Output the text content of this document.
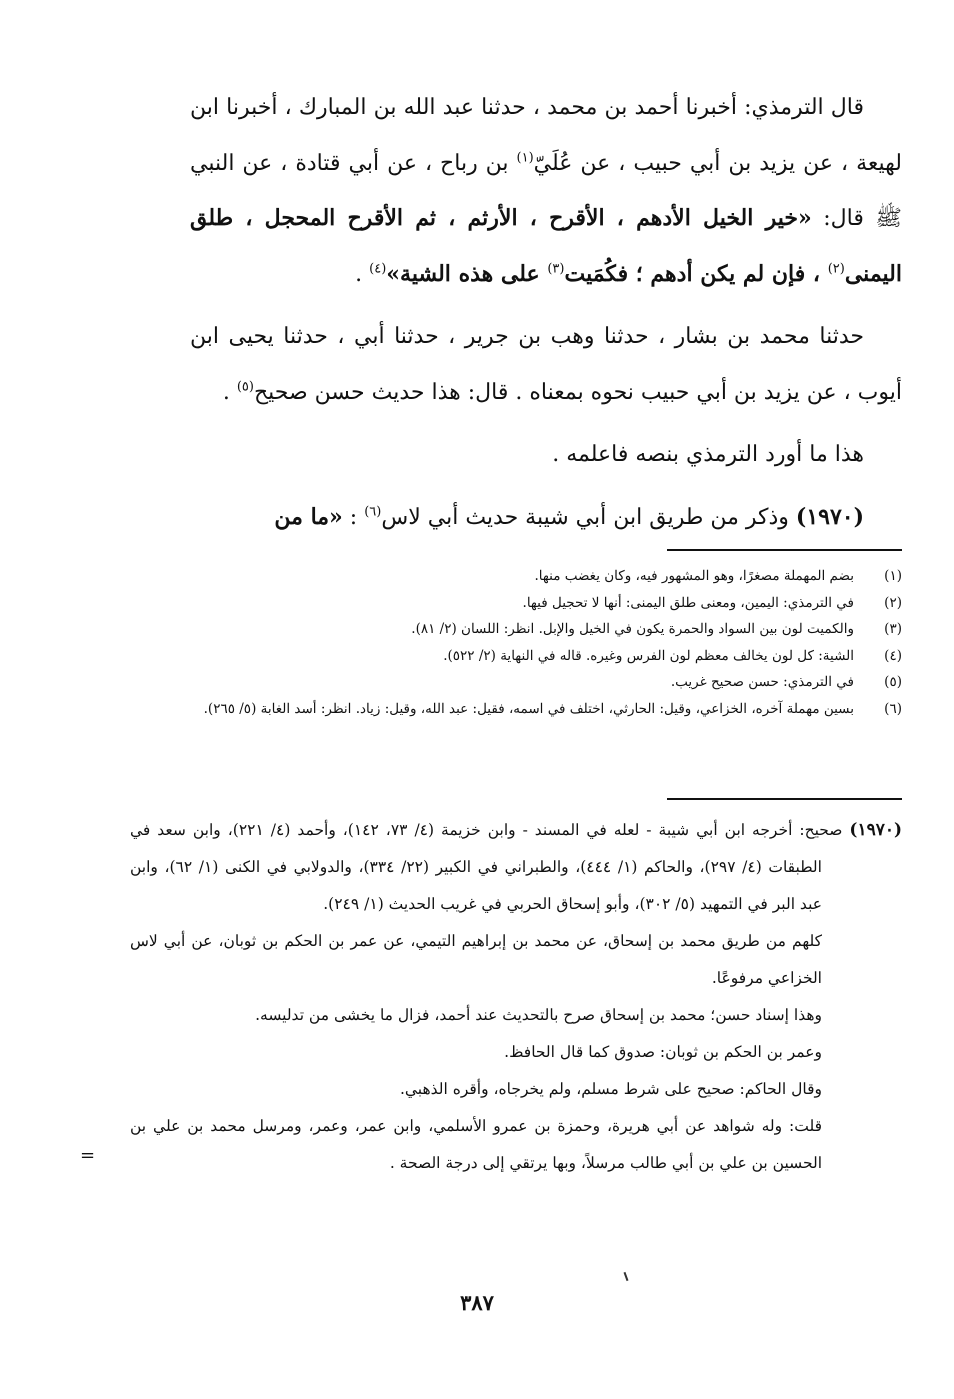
قال الترمذي: أخبرنا أحمد بن محمد ، حدثنا عبد الله بن المبارك ، أخبرنا ابن لهيعة ، عن يزيد بن أبي حبيب ، عن عُلَيّ$^{(١)}$ بن رباح ، عن أبي قتادة ، عن النبي ﷺ قال: «خير الخيل الأدهم ، الأقرح ، الأرثم ، ثم الأقرح المحجل ، طلق اليمنى$^{(٢)}$ ، فإن لم يكن أدهم ؛ فكُمَيت$^{(٣)}$ على هذه الشية»$^{(٤)}$ .

حدثنا محمد بن بشار ، حدثنا وهب بن جرير ، حدثنا أبي ، حدثنا يحيى ابن أيوب ، عن يزيد بن أبي حبيب نحوه بمعناه . قال: هذا حديث حسن صحيح$^{(٥)}$ .

هذا ما أورد الترمذي بنصه فاعلمه .

(١٩٧٠) وذكر من طريق ابن أبي شيبة حديث أبي لاس$^{(٦)}$ : «ما من

(١)
بضم المهملة مصغرًا، وهو المشهور فيه، وكان يغضب منها.
(٢)
في الترمذي: اليمين، ومعنى طلق اليمنى: أنها لا تحجيل فيها.
(٣)
والكميت لون بين السواد والحمرة يكون في الخيل والإبل. انظر: اللسان (٢/ ٨١).
(٤)
الشية: كل لون يخالف معظم لون الفرس وغيره. قاله في النهاية (٢/ ٥٢٢).
(٥)
في الترمذي: حسن صحيح غريب.
(٦)
بسين مهملة آخره، الخزاعي، وقيل: الحارثي، اختلف في اسمه، فقيل: عبد الله، وقيل: زياد. انظر: أسد الغابة (٥/ ٢٦٥).

(١٩٧٠) صحيح: أخرجه ابن أبي شيبة - لعله في المسند - وابن خزيمة (٤/ ٧٣، ١٤٢)، وأحمد (٤/ ٢٢١)، وابن سعد في الطبقات (٤/ ٢٩٧)، والحاكم (١/ ٤٤٤)، والطبراني في الكبير (٢٢/ ٣٣٤)، والدولابي في الكنى (١/ ٦٢)، وابن عبد البر في التمهيد (٥/ ٣٠٢)، وأبو إسحاق الحربي في غريب الحديث (١/ ٢٤٩).

كلهم من طريق محمد بن إسحاق، عن محمد بن إبراهيم التيمي، عن عمر بن الحكم بن ثوبان، عن أبي لاس الخزاعي مرفوعًا.

وهذا إسناد حسن؛ محمد بن إسحاق صرح بالتحديث عند أحمد، فزال ما يخشى من تدليسه.

وعمر بن الحكم بن ثوبان: صدوق كما قال الحافظ.

وقال الحاكم: صحيح على شرط مسلم، ولم يخرجاه، وأقره الذهبي.

قلت: وله شواهد عن أبي هريرة، وحمزة بن عمرو الأسلمي، وابن عمر، وعمر، ومرسل محمد بن علي بن الحسين بن علي بن أبي طالب مرسلاً، وبها يرتقي إلى درجة الصحة .

=
٣٨٧
